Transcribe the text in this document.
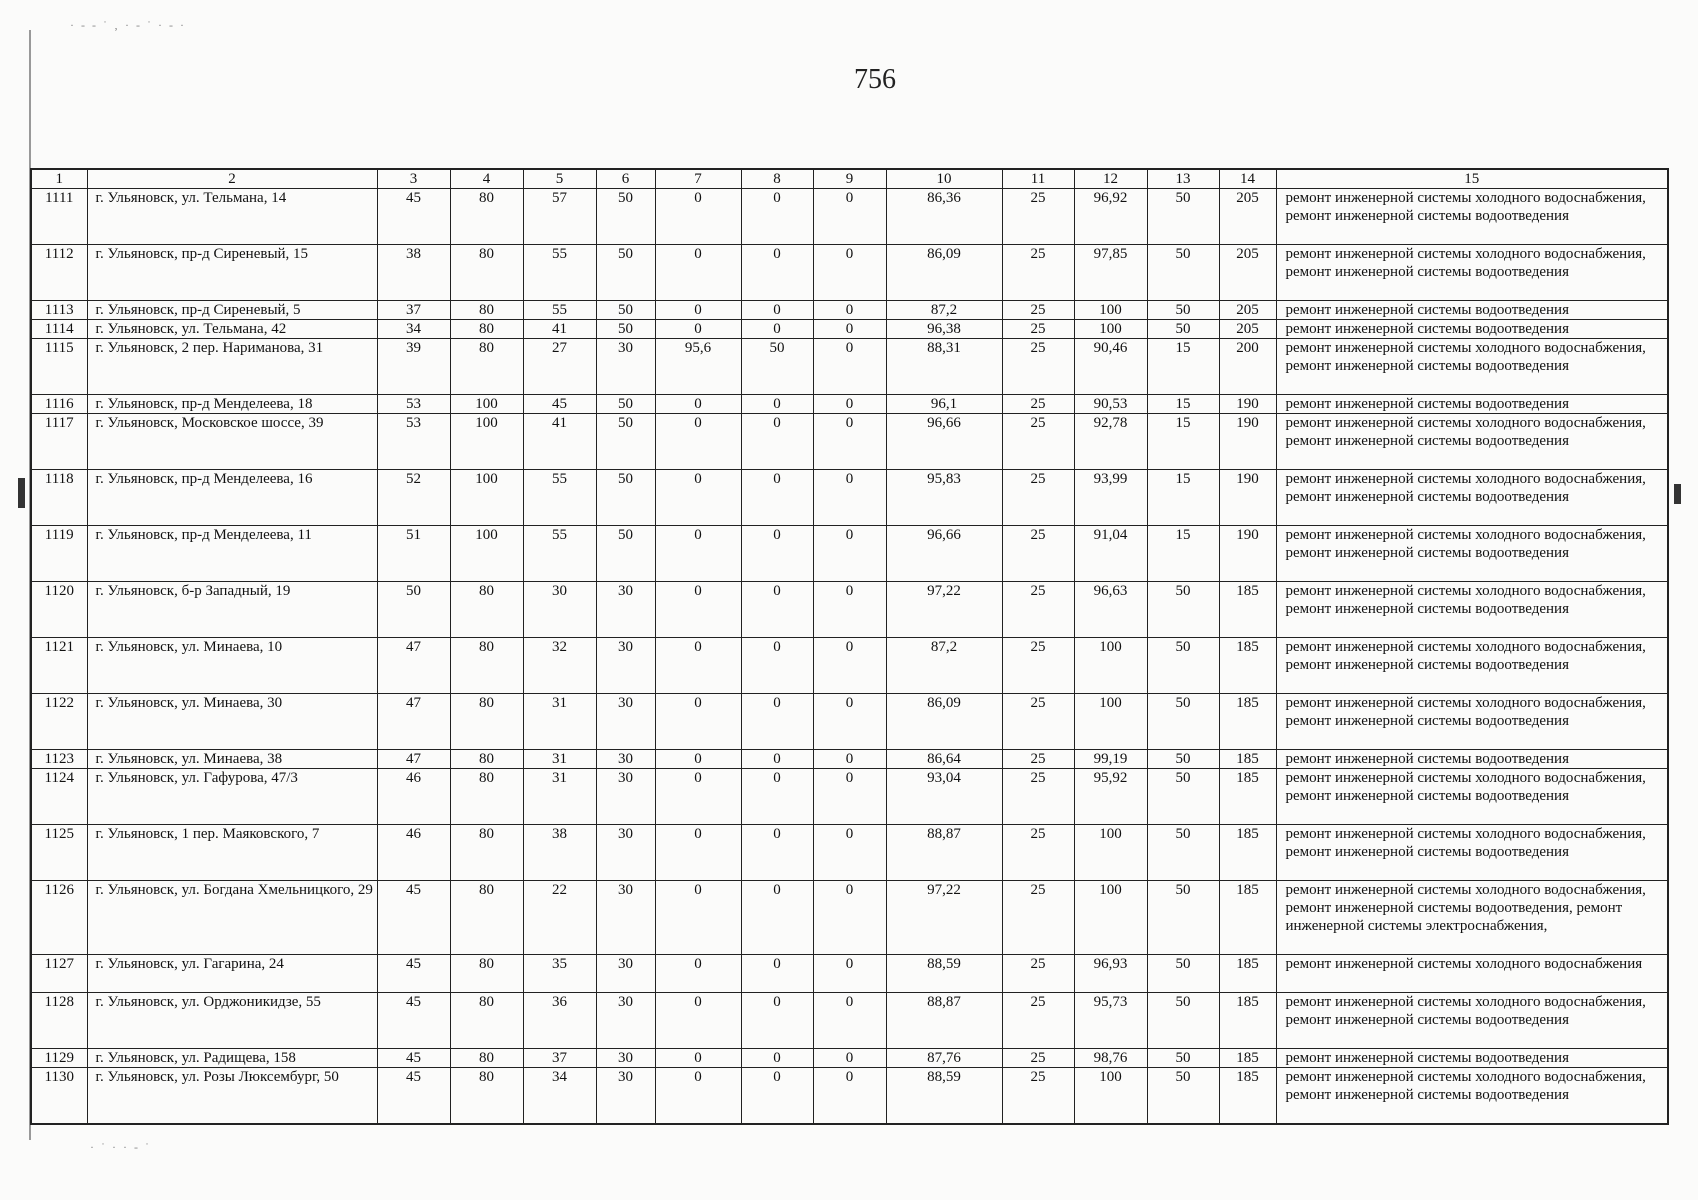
· ‐ ‐ ˙ ‚ · ‐ ˙ · ‐ ·
· ˙ · · ‐ ˙
756
1	2	3	4	5	6	7	8	9	10	11	12	13	14	15
1111	г. Ульяновск, ул. Тельмана, 14	45	80	57	50	0	0	0	86,36	25	96,92	50	205	ремонт инженерной системы холодного водоснабжения, ремонт инженерной системы водоотведения
1112	г. Ульяновск, пр-д Сиреневый, 15	38	80	55	50	0	0	0	86,09	25	97,85	50	205	ремонт инженерной системы холодного водоснабжения, ремонт инженерной системы водоотведения
1113	г. Ульяновск, пр-д Сиреневый, 5	37	80	55	50	0	0	0	87,2	25	100	50	205	ремонт инженерной системы водоотведения
1114	г. Ульяновск, ул. Тельмана, 42	34	80	41	50	0	0	0	96,38	25	100	50	205	ремонт инженерной системы водоотведения
1115	г. Ульяновск, 2 пер. Нариманова, 31	39	80	27	30	95,6	50	0	88,31	25	90,46	15	200	ремонт инженерной системы холодного водоснабжения, ремонт инженерной системы водоотведения
1116	г. Ульяновск, пр-д Менделеева, 18	53	100	45	50	0	0	0	96,1	25	90,53	15	190	ремонт инженерной системы водоотведения
1117	г. Ульяновск, Московское шоссе, 39	53	100	41	50	0	0	0	96,66	25	92,78	15	190	ремонт инженерной системы холодного водоснабжения, ремонт инженерной системы водоотведения
1118	г. Ульяновск, пр-д Менделеева, 16	52	100	55	50	0	0	0	95,83	25	93,99	15	190	ремонт инженерной системы холодного водоснабжения, ремонт инженерной системы водоотведения
1119	г. Ульяновск, пр-д Менделеева, 11	51	100	55	50	0	0	0	96,66	25	91,04	15	190	ремонт инженерной системы холодного водоснабжения, ремонт инженерной системы водоотведения
1120	г. Ульяновск, б-р Западный, 19	50	80	30	30	0	0	0	97,22	25	96,63	50	185	ремонт инженерной системы холодного водоснабжения, ремонт инженерной системы водоотведения
1121	г. Ульяновск, ул. Минаева, 10	47	80	32	30	0	0	0	87,2	25	100	50	185	ремонт инженерной системы холодного водоснабжения, ремонт инженерной системы водоотведения
1122	г. Ульяновск, ул. Минаева, 30	47	80	31	30	0	0	0	86,09	25	100	50	185	ремонт инженерной системы холодного водоснабжения, ремонт инженерной системы водоотведения
1123	г. Ульяновск, ул. Минаева, 38	47	80	31	30	0	0	0	86,64	25	99,19	50	185	ремонт инженерной системы водоотведения
1124	г. Ульяновск, ул. Гафурова, 47/3	46	80	31	30	0	0	0	93,04	25	95,92	50	185	ремонт инженерной системы холодного водоснабжения, ремонт инженерной системы водоотведения
1125	г. Ульяновск, 1 пер. Маяковского, 7	46	80	38	30	0	0	0	88,87	25	100	50	185	ремонт инженерной системы холодного водоснабжения, ремонт инженерной системы водоотведения
1126	г. Ульяновск, ул. Богдана Хмельницкого, 29	45	80	22	30	0	0	0	97,22	25	100	50	185	ремонт инженерной системы холодного водоснабжения, ремонт инженерной системы водоотведения, ремонт инженерной системы электроснабжения,
1127	г. Ульяновск, ул. Гагарина, 24	45	80	35	30	0	0	0	88,59	25	96,93	50	185	ремонт инженерной системы холодного водоснабжения
1128	г. Ульяновск, ул. Орджоникидзе, 55	45	80	36	30	0	0	0	88,87	25	95,73	50	185	ремонт инженерной системы холодного водоснабжения, ремонт инженерной системы водоотведения
1129	г. Ульяновск, ул. Радищева, 158	45	80	37	30	0	0	0	87,76	25	98,76	50	185	ремонт инженерной системы водоотведения
1130	г. Ульяновск, ул. Розы Люксембург, 50	45	80	34	30	0	0	0	88,59	25	100	50	185	ремонт инженерной системы холодного водоснабжения, ремонт инженерной системы водоотведения
